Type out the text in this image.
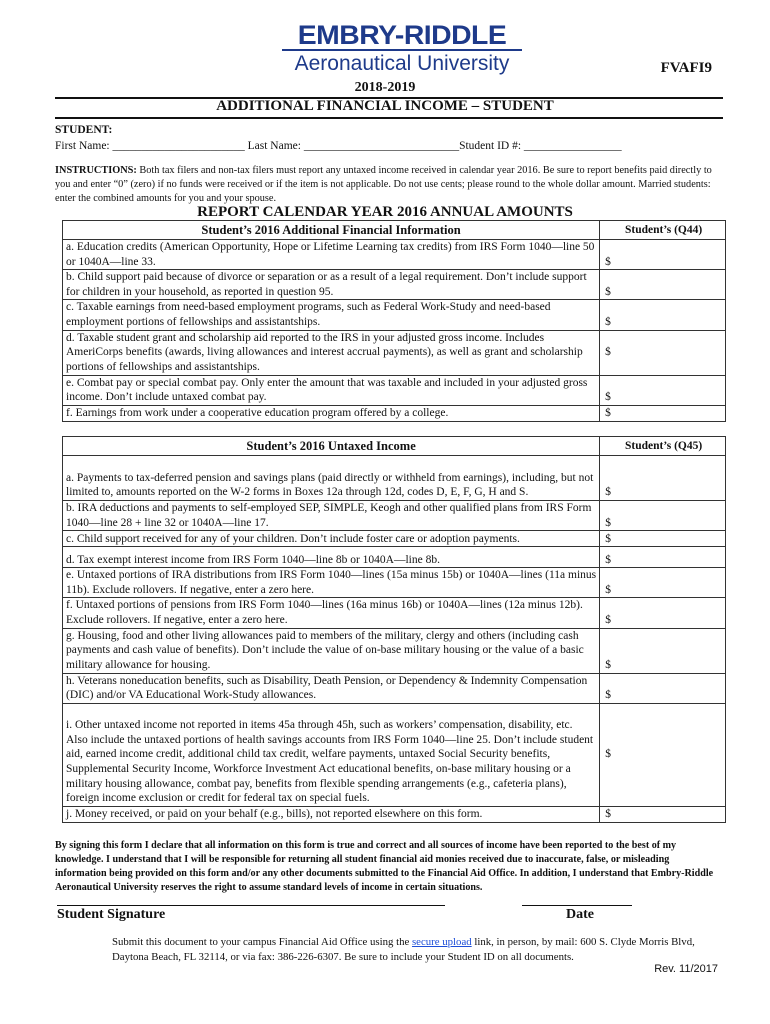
EMBRY-RIDDLE
Aeronautical University	FVAFI9
2018-2019
ADDITIONAL FINANCIAL INCOME – STUDENT
STUDENT:
First Name: _______________________ Last Name: ___________________________Student ID #: _________________
INSTRUCTIONS: Both tax filers and non-tax filers must report any untaxed income received in calendar year 2016. Be sure to report benefits paid directly to you and enter “0” (zero) if no funds were received or if the item is not applicable. Do not use cents; please round to the whole dollar amount. Married students: enter the combined amounts for you and your spouse.
REPORT CALENDAR YEAR 2016 ANNUAL AMOUNTS
Student’s 2016 Additional Financial Information	Student’s (Q44)
a. Education credits (American Opportunity, Hope or Lifetime Learning tax credits) from IRS Form 1040—line 50 or 1040A—line 33.	$
b. Child support paid because of divorce or separation or as a result of a legal requirement. Don’t include support for children in your household, as reported in question 95.	$
c. Taxable earnings from need-based employment programs, such as Federal Work-Study and need-based employment portions of fellowships and assistantships.	$
d. Taxable student grant and scholarship aid reported to the IRS in your adjusted gross income. Includes AmeriCorps benefits (awards, living allowances and interest accrual payments), as well as grant and scholarship portions of fellowships and assistantships.	$
e. Combat pay or special combat pay. Only enter the amount that was taxable and included in your adjusted gross income. Don’t include untaxed combat pay.	$
f. Earnings from work under a cooperative education program offered by a college.	$
Student’s 2016 Untaxed Income	Student’s (Q45)
a. Payments to tax-deferred pension and savings plans (paid directly or withheld from earnings), including, but not limited to, amounts reported on the W-2 forms in Boxes 12a through 12d, codes D, E, F, G, H and S.	$
b. IRA deductions and payments to self-employed SEP, SIMPLE, Keogh and other qualified plans from IRS Form 1040—line 28 + line 32 or 1040A—line 17.	$
c. Child support received for any of your children. Don’t include foster care or adoption payments.	$
d. Tax exempt interest income from IRS Form 1040—line 8b or 1040A—line 8b.	$
e. Untaxed portions of IRA distributions from IRS Form 1040—lines (15a minus 15b) or 1040A—lines (11a minus 11b). Exclude rollovers. If negative, enter a zero here.	$
f. Untaxed portions of pensions from IRS Form 1040—lines (16a minus 16b) or 1040A—lines (12a minus 12b). Exclude rollovers. If negative, enter a zero here.	$
g. Housing, food and other living allowances paid to members of the military, clergy and others (including cash payments and cash value of benefits). Don’t include the value of on-base military housing or the value of a basic military allowance for housing.	$
h. Veterans noneducation benefits, such as Disability, Death Pension, or Dependency & Indemnity Compensation (DIC) and/or VA Educational Work-Study allowances.	$
i. Other untaxed income not reported in items 45a through 45h, such as workers’ compensation, disability, etc. Also include the untaxed portions of health savings accounts from IRS Form 1040—line 25. Don’t include student aid, earned income credit, additional child tax credit, welfare payments, untaxed Social Security benefits, Supplemental Security Income, Workforce Investment Act educational benefits, on-base military housing or a military housing allowance, combat pay, benefits from flexible spending arrangements (e.g., cafeteria plans), foreign income exclusion or credit for federal tax on special fuels.	$
j. Money received, or paid on your behalf (e.g., bills), not reported elsewhere on this form.	$
By signing this form I declare that all information on this form is true and correct and all sources of income have been reported to the best of my knowledge. I understand that I will be responsible for returning all student financial aid monies received due to inaccurate, false, or misleading information being provided on this form and/or any other documents submitted to the Financial Aid Office. In addition, I understand that Embry-Riddle Aeronautical University reserves the right to assume standard levels of income in certain situations.
Student Signature	Date
Submit this document to your campus Financial Aid Office using the secure upload link, in person, by mail: 600 S. Clyde Morris Blvd, Daytona Beach, FL 32114, or via fax: 386-226-6307. Be sure to include your Student ID on all documents.
Rev. 11/2017
